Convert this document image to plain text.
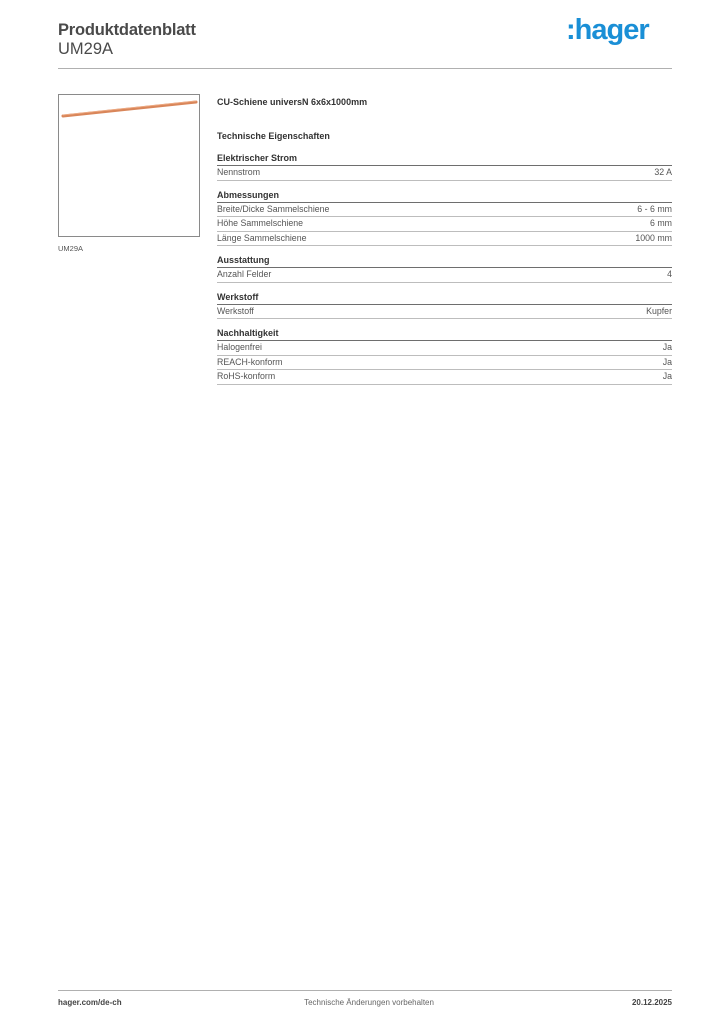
Produktdatenblatt
UM29A
:hager
UM29A
CU-Schiene universN 6x6x1000mm
Technische Eigenschaften
Elektrischer Strom
Nennstrom	32 A
Abmessungen
Breite/Dicke Sammelschiene	6 - 6 mm
Höhe Sammelschiene	6 mm
Länge Sammelschiene	1000 mm
Ausstattung
Anzahl Felder	4
Werkstoff
Werkstoff	Kupfer
Nachhaltigkeit
Halogenfrei	Ja
REACH-konform	Ja
RoHS-konform	Ja
hager.com/de-ch	Technische Änderungen vorbehalten	20.12.2025
